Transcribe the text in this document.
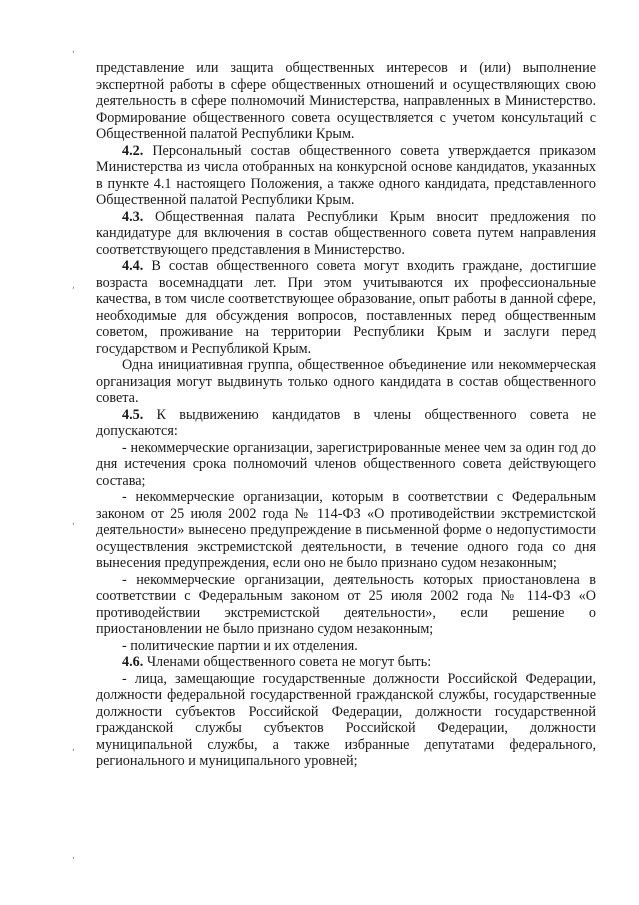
,
,
,
,
,

представление или защита общественных интересов и (или) выполнение экспертной работы в сфере общественных отношений и осуществляющих свою деятельность в сфере полномочий Министерства, направленных в Министерство. Формирование общественного совета осуществляется с учетом консультаций с Общественной палатой Республики Крым.

4.2. Персональный состав общественного совета утверждается приказом Министерства из числа отобранных на конкурсной основе кандидатов, указанных в пункте 4.1 настоящего Положения, а также одного кандидата, представленного Общественной палатой Республики Крым.

4.3. Общественная палата Республики Крым вносит предложения по кандидатуре для включения в состав общественного совета путем направления соответствующего представления в Министерство.

4.4. В состав общественного совета могут входить граждане, достигшие возраста восемнадцати лет. При этом учитываются их профессиональные качества, в том числе соответствующее образование, опыт работы в данной сфере, необходимые для обсуждения вопросов, поставленных перед общественным советом, проживание на территории Республики Крым и заслуги перед государством и Республикой Крым.

Одна инициативная группа, общественное объединение или некоммерческая организация могут выдвинуть только одного кандидата в состав общественного совета.

4.5. К выдвижению кандидатов в члены общественного совета не допускаются:

- некоммерческие организации, зарегистрированные менее чем за один год до дня истечения срока полномочий членов общественного совета действующего состава;

- некоммерческие организации, которым в соответствии с Федеральным законом от 25 июля 2002 года № 114-ФЗ «О противодействии экстремистской деятельности» вынесено предупреждение в письменной форме о недопустимости осуществления экстремистской деятельности, в течение одного года со дня вынесения предупреждения, если оно не было признано судом незаконным;

- некоммерческие организации, деятельность которых приостановлена в соответствии с Федеральным законом от 25 июля 2002 года № 114-ФЗ «О противодействии экстремистской деятельности», если решение о приостановлении не было признано судом незаконным;

- политические партии и их отделения.

4.6. Членами общественного совета не могут быть:

- лица, замещающие государственные должности Российской Федерации, должности федеральной государственной гражданской службы, государственные должности субъектов Российской Федерации, должности государственной гражданской службы субъектов Российской Федерации, должности муниципальной службы, а также избранные депутатами федерального, регионального и муниципального уровней;
